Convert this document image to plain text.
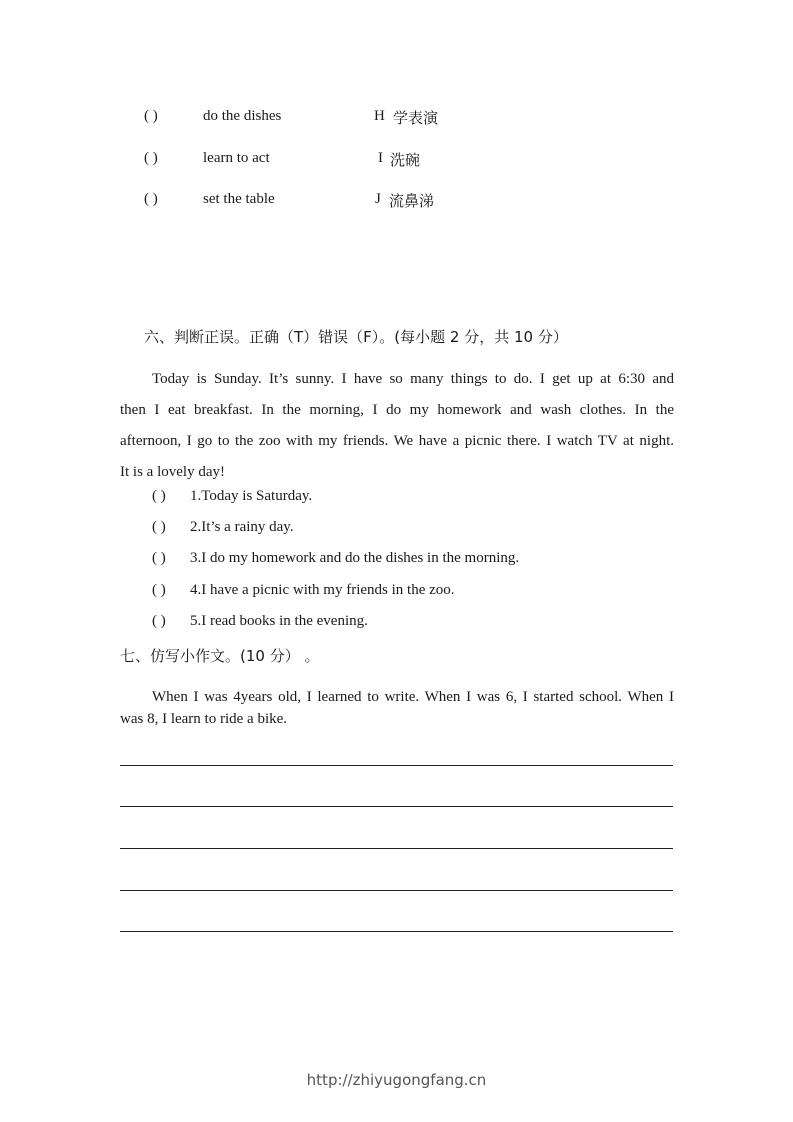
( )	do the dishes	H 学表演
( )	learn to act	I 洗碗
( )	set the table	J 流鼻涕
六、判断正误。正确（T）错误（F）。(每小题 2 分，共 10 分）
Today is Sunday. It’s sunny. I have so many things to do. I get up at 6:30 and
then I eat breakfast. In the morning, I do my homework and wash clothes. In the
afternoon, I go to the zoo with my friends. We have a picnic there. I watch TV at night.
It is a lovely day!
( ) 1.Today is Saturday.
( ) 2.It’s a rainy day.
( ) 3.I do my homework and do the dishes in the morning.
( ) 4.I have a picnic with my friends in the zoo.
( ) 5.I read books in the evening.
七、仿写小作文。(10 分） 。
When I was 4years old, I learned to write. When I was 6, I started school. When I
was 8, I learn to ride a bike.
http://zhiyugongfang.cn
